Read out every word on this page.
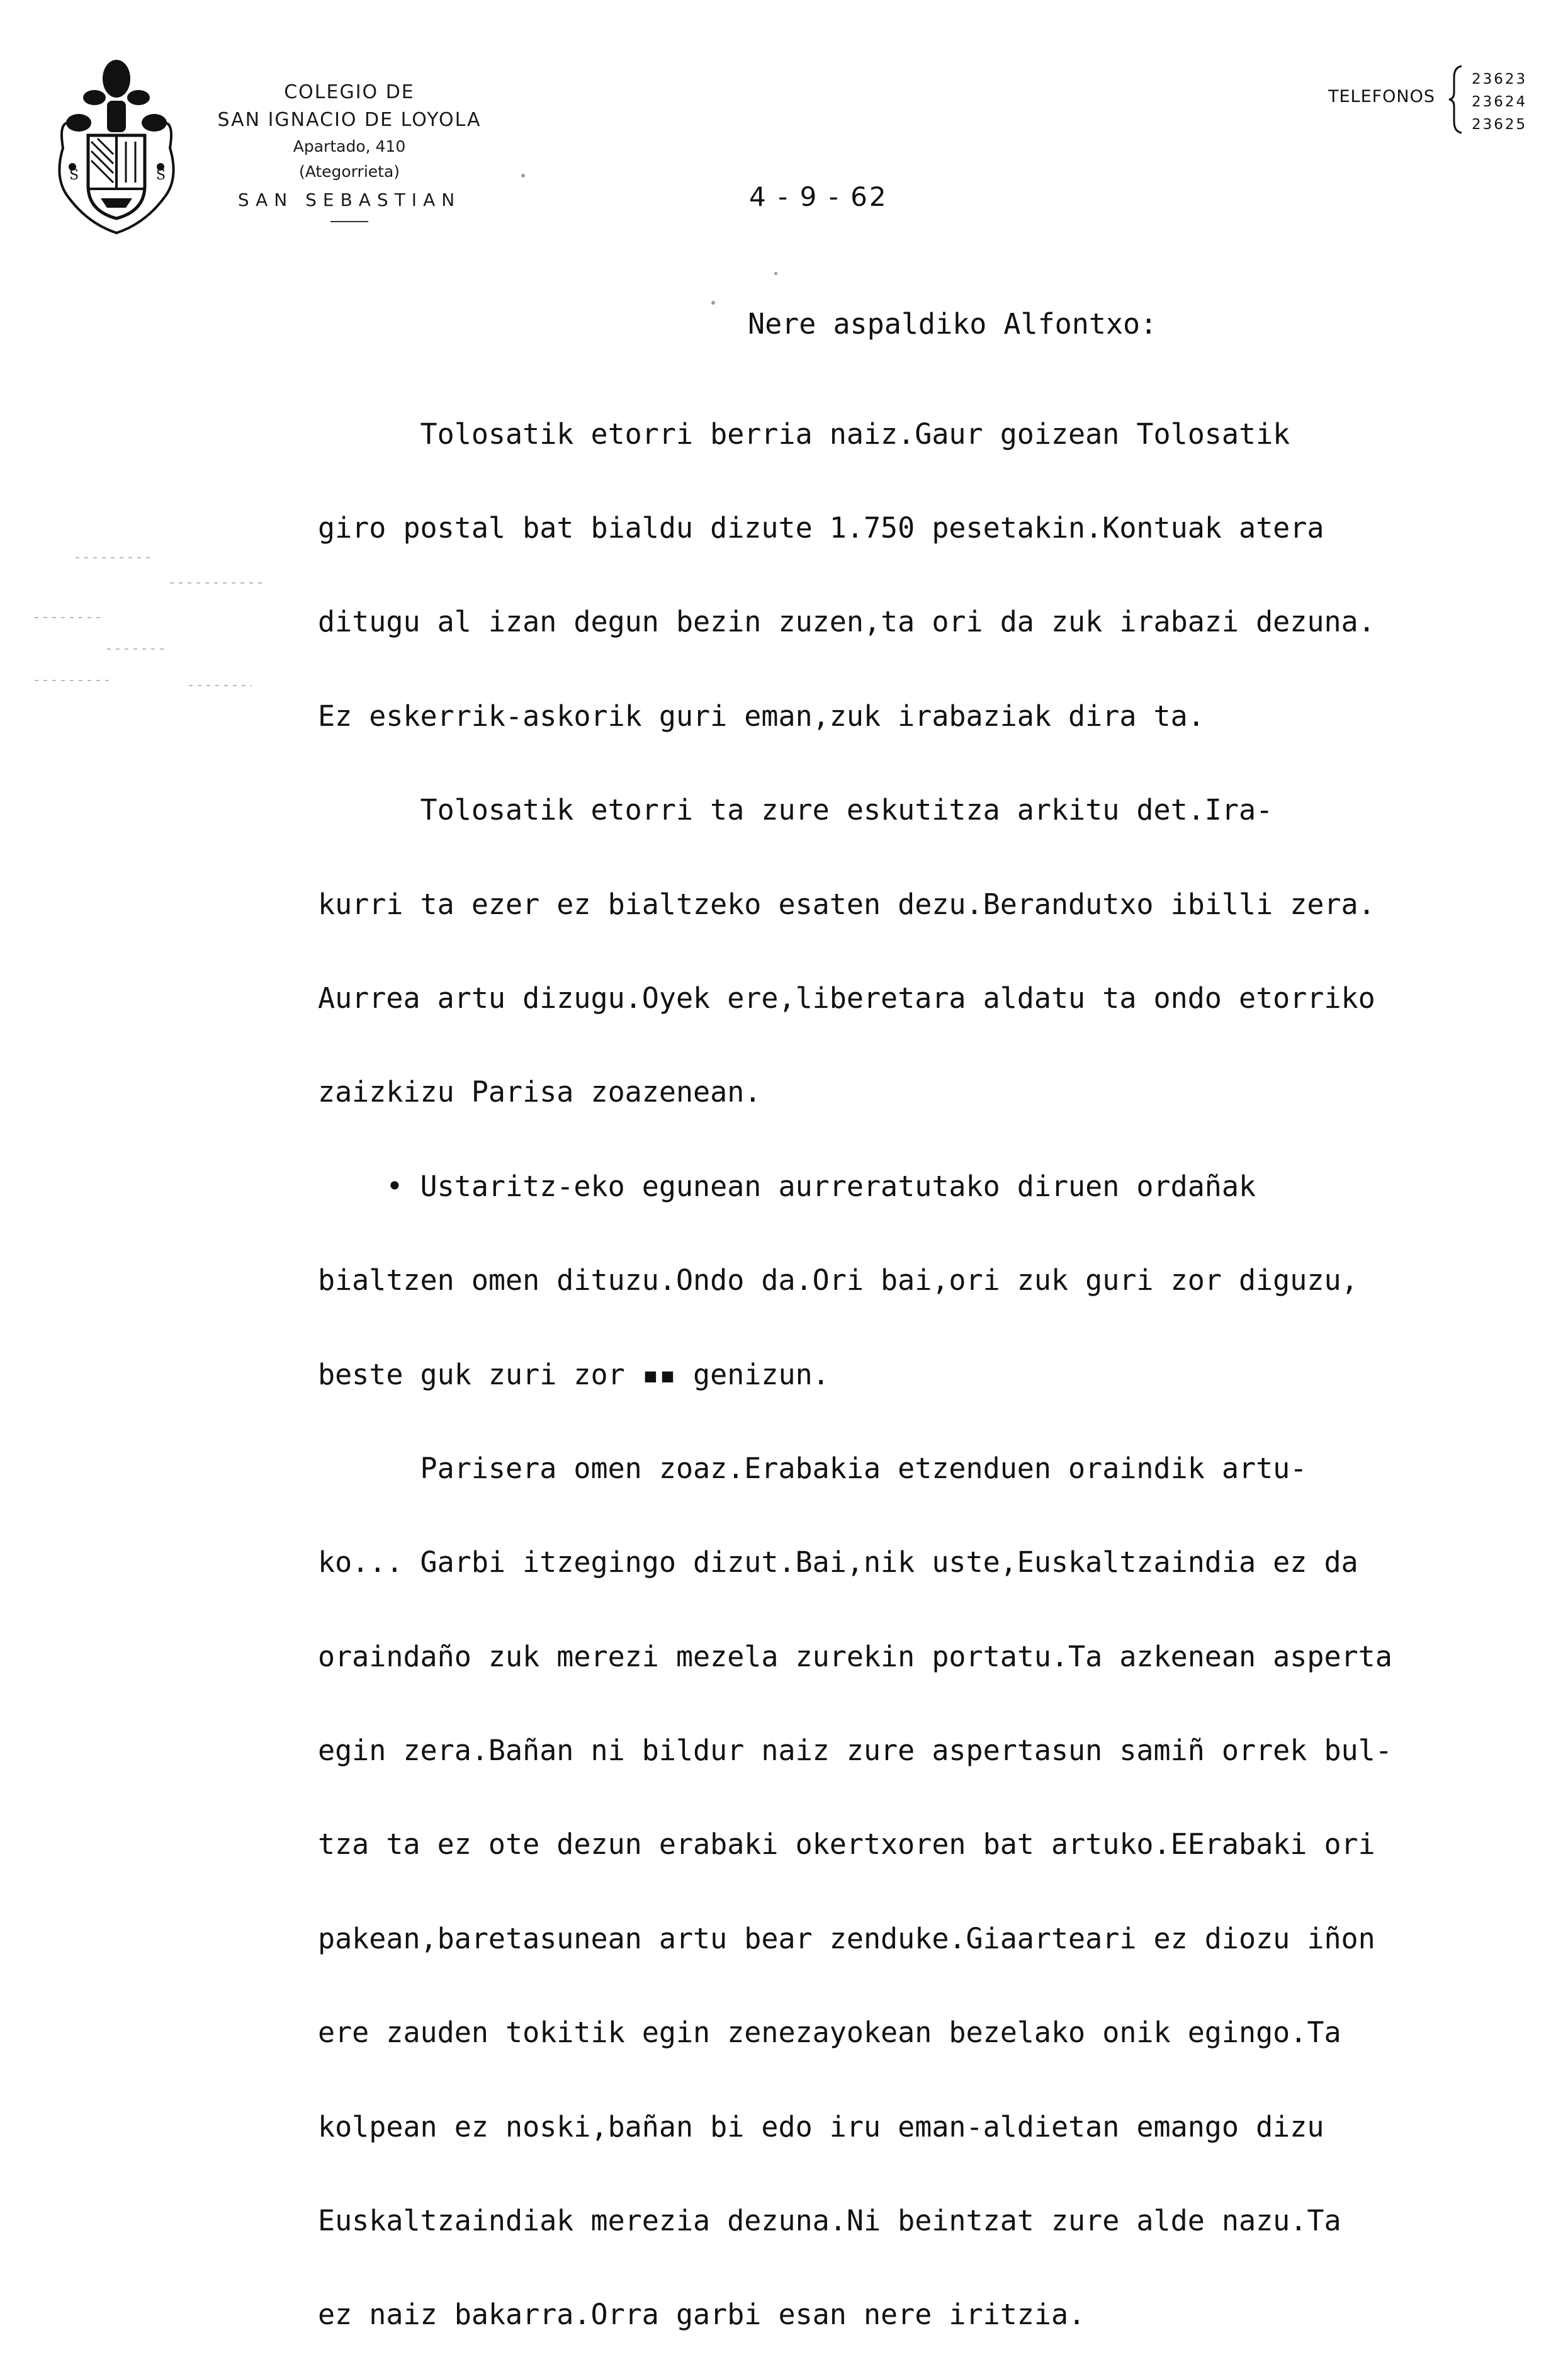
S	S
COLEGIO DE
SAN IGNACIO DE LOYOLA
Apartado, 410
(Ategorrieta)
SAN SEBASTIAN
TELEFONOS
23623
23624
23625
4 - 9 - 62
Nere aspaldiko Alfontxo:

Tolosatik etorri berria naiz.Gaur goizean Tolosatik

giro postal bat bialdu dizute 1.750 pesetakin.Kontuak atera

ditugu al izan degun bezin zuzen,ta ori da zuk irabazi dezuna.

Ez eskerrik-askorik guri eman,zuk irabaziak dira ta.

Tolosatik etorri ta zure eskutitza arkitu det.Ira-

kurri ta ezer ez bialtzeko esaten dezu.Berandutxo ibilli zera.

Aurrea artu dizugu.Oyek ere,liberetara aldatu ta ondo etorriko

zaizkizu Parisa zoazenean.

• Ustaritz-eko egunean aurreratutako diruen ordañak

bialtzen omen dituzu.Ondo da.Ori bai,ori zuk guri zor diguzu,

beste guk zuri zor ▪▪ genizun.

Parisera omen zoaz.Erabakia etzenduen oraindik artu-

ko... Garbi itzegingo dizut.Bai,nik uste,Euskaltzaindia ez da

oraindaño zuk merezi mezela zurekin portatu.Ta azkenean asperta

egin zera.Bañan ni bildur naiz zure aspertasun samiñ orrek bul-

tza ta ez ote dezun erabaki okertxoren bat artuko.EErabaki ori

pakean,baretasunean artu bear zenduke.Giaarteari ez diozu iñon

ere zauden tokitik egin zenezayokean bezelako onik egingo.Ta

kolpean ez noski,bañan bi edo iru eman-aldietan emango dizu

Euskaltzaindiak merezia dezuna.Ni beintzat zure alde nazu.Ta

ez naiz bakarra.Orra garbi esan nere iritzia.
